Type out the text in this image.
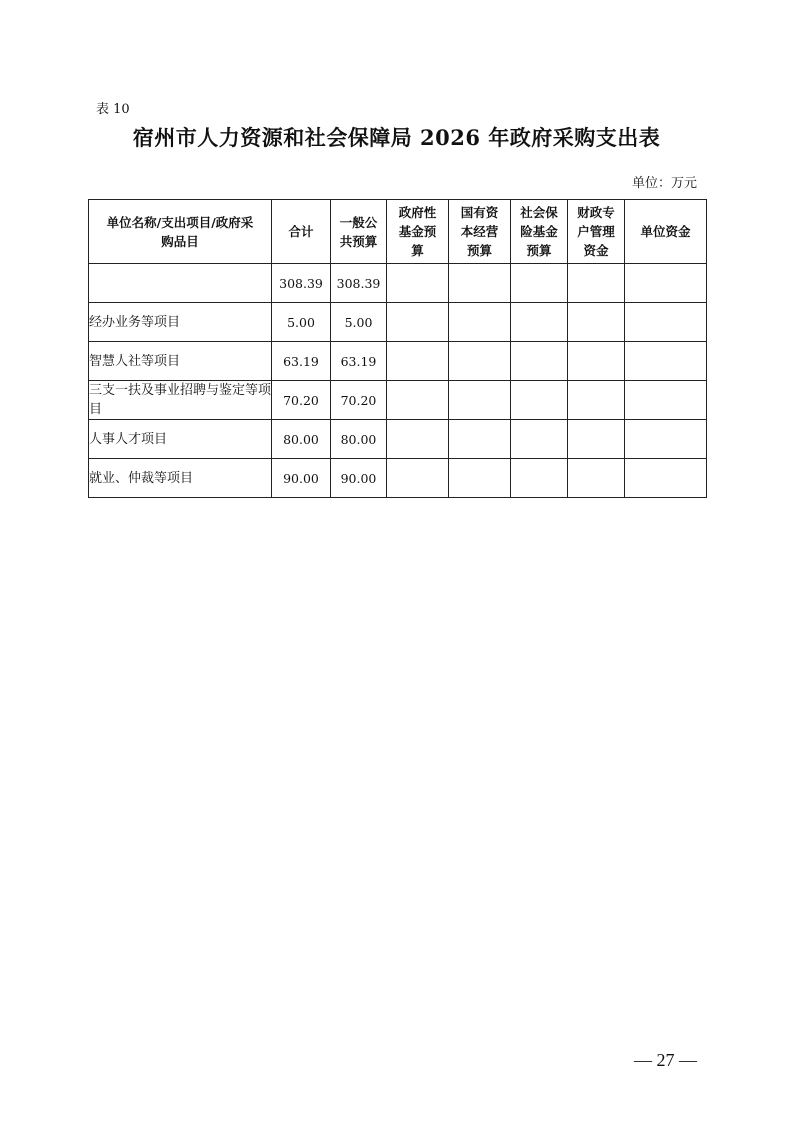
表 10
宿州市人力资源和社会保障局 2026 年政府采购支出表
单位：万元
单位名称/支出项目/政府采购品目	合计	一般公共预算	政府性基金预算	国有资本经营预算	社会保险基金预算	财政专户管理资金	单位资金
	308.39	308.39					
经办业务等项目	5.00	5.00					
智慧人社等项目	63.19	63.19					
三支一扶及事业招聘与鉴定等项目	70.20	70.20					
人事人才项目	80.00	80.00					
就业、仲裁等项目	90.00	90.00					
— 27 —
